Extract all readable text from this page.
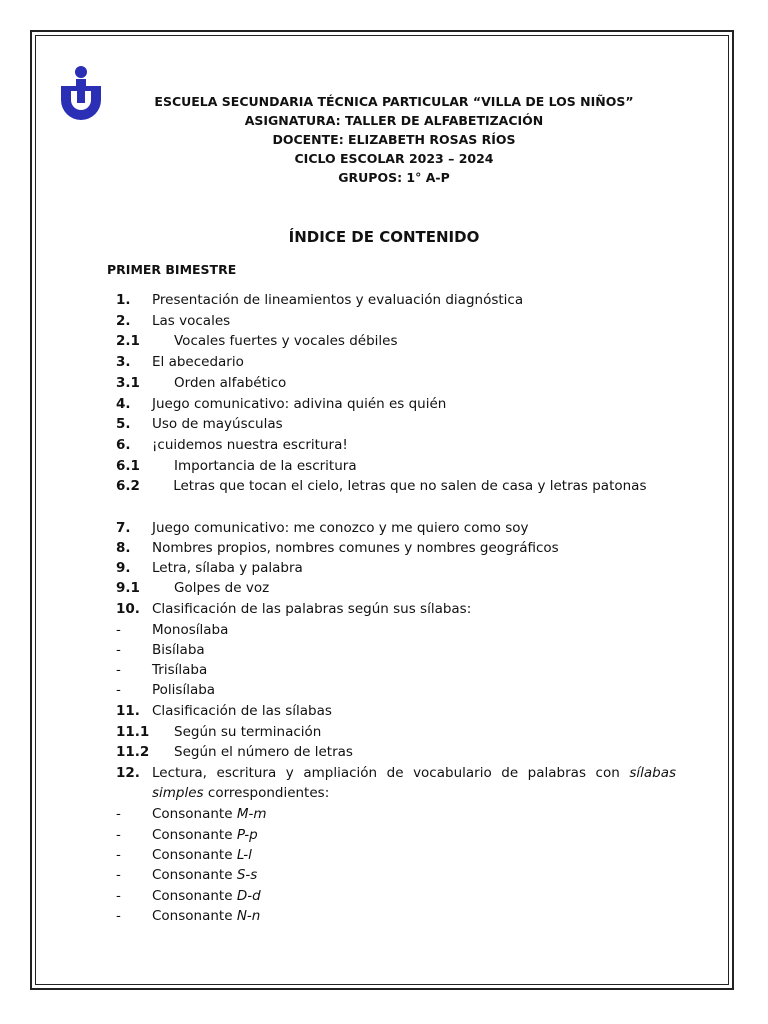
ESCUELA SECUNDARIA TÉCNICA PARTICULAR “VILLA DE LOS NIÑOS”
ASIGNATURA: TALLER DE ALFABETIZACIÓN
DOCENTE: ELIZABETH ROSAS RÍOS
CICLO ESCOLAR 2023 – 2024
GRUPOS: 1° A-P
ÍNDICE DE CONTENIDO
PRIMER BIMESTRE
1.	Presentación de lineamientos y evaluación diagnóstica
2.	Las vocales
2.1	Vocales fuertes y vocales débiles
3.	El abecedario
3.1	Orden alfabético
4.	Juego comunicativo: adivina quién es quién
5.	Uso de mayúsculas
6.	¡cuidemos nuestra escritura!
6.1	Importancia de la escritura
6.2	Letras que tocan el cielo, letras que no salen de casa y letras patonas
7.	Juego comunicativo: me conozco y me quiero como soy
8.	Nombres propios, nombres comunes y nombres geográficos
9.	Letra, sílaba y palabra
9.1	Golpes de voz
10. Clasificación de las palabras según sus sílabas:
-	Monosílaba
-	Bisílaba
-	Trisílaba
-	Polisílaba
11. Clasificación de las sílabas
11.1	Según su terminación
11.2	Según el número de letras
12. Lectura, escritura y ampliación de vocabulario de palabras con sílabas simples correspondientes:
-	Consonante M-m
-	Consonante P-p
-	Consonante L-l
-	Consonante S-s
-	Consonante D-d
-	Consonante N-n
